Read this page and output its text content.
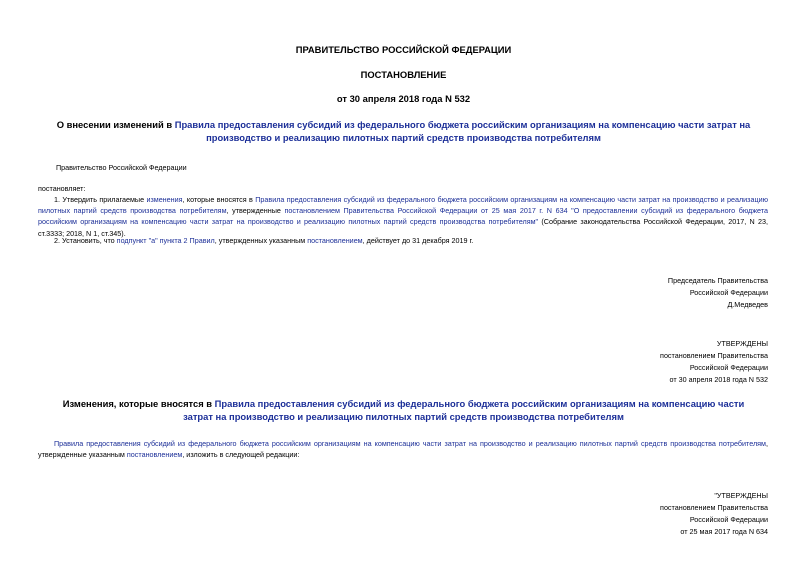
ПРАВИТЕЛЬСТВО РОССИЙСКОЙ ФЕДЕРАЦИИ
ПОСТАНОВЛЕНИЕ
от 30 апреля 2018 года N 532
О внесении изменений в Правила предоставления субсидий из федерального бюджета российским организациям на компенсацию части затрат на производство и реализацию пилотных партий средств производства потребителям
Правительство Российской Федерации
постановляет:
1. Утвердить прилагаемые изменения, которые вносятся в Правила предоставления субсидий из федерального бюджета российским организациям на компенсацию части затрат на производство и реализацию пилотных партий средств производства потребителям, утвержденные постановлением Правительства Российской Федерации от 25 мая 2017 г. N 634 "О предоставлении субсидий из федерального бюджета российским организациям на компенсацию части затрат на производство и реализацию пилотных партий средств производства потребителям" (Собрание законодательства Российской Федерации, 2017, N 23, ст.3333; 2018, N 1, ст.345).
2. Установить, что подпункт "а" пункта 2 Правил, утвержденных указанным постановлением, действует до 31 декабря 2019 г.
Председатель Правительства
Российской Федерации
Д.Медведев
УТВЕРЖДЕНЫ
постановлением Правительства
Российской Федерации
от 30 апреля 2018 года N 532
Изменения, которые вносятся в Правила предоставления субсидий из федерального бюджета российским организациям на компенсацию части затрат на производство и реализацию пилотных партий средств производства потребителям
Правила предоставления субсидий из федерального бюджета российским организациям на компенсацию части затрат на производство и реализацию пилотных партий средств производства потребителям, утвержденные указанным постановлением, изложить в следующей редакции:
"УТВЕРЖДЕНЫ
постановлением Правительства
Российской Федерации
от 25 мая 2017 года N 634
